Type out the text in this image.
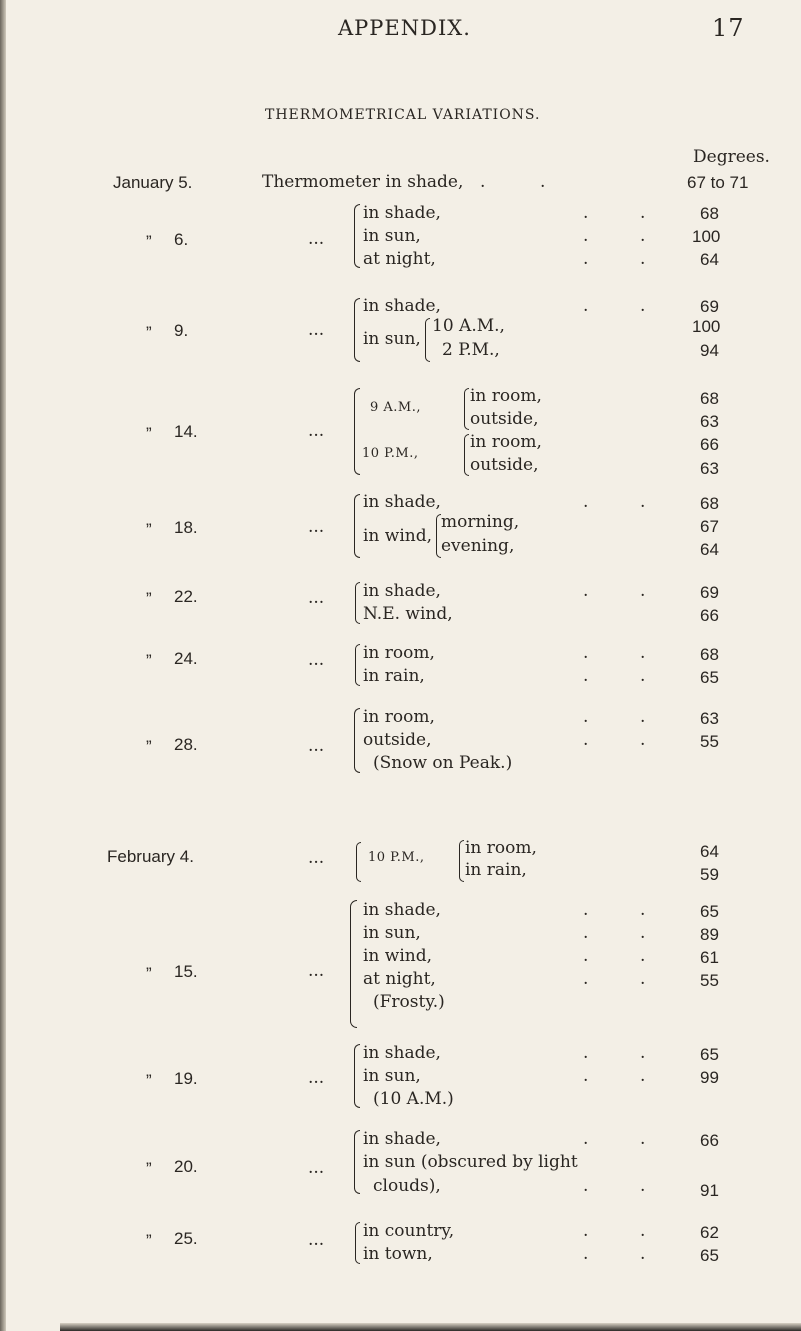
APPENDIX.	17
THERMOMETRICAL VARIATIONS.
Degrees.
January 5.	Thermometer in shade, .	.	67 to 71
” 6.	...
in shade,	68
in sun,	100
at night,	64
” 9.	...
in shade,	69
in sun,
10 A.M.,	100
2 P.M.,	94
” 14.	...
9 A.M.,
in room,	68
outside,	63
10 P.M.,
in room,	66
outside,	63
” 18.	...
in shade,	68
in wind,
morning,	67
evening,	64
” 22.	... in shade,	69
N.E. wind,	66
” 24.	... in room,	68
in rain,	65
” 28.	...
in room,	63
outside,	55
(Snow on Peak.)
February 4.	...	10 P.M., in room,	64
in rain,	59
” 15.	...
in shade,	65
in sun,	89
in wind,	61
at night,	55
(Frosty.)
” 19.	...
in shade,	65
in sun,	99
(10 A.M.)
” 20.	...
in shade,	66
in sun (obscured by light
clouds),	91
” 25.	... in country,	62
in town,	65
.	.
.	.
.	.
.	.
.	.
.	.
.	.
.	.
.	.
.	.
.	.
.	.
.	.
.	.
.	.
.	.
.	.
.	.
.	.
.	.
